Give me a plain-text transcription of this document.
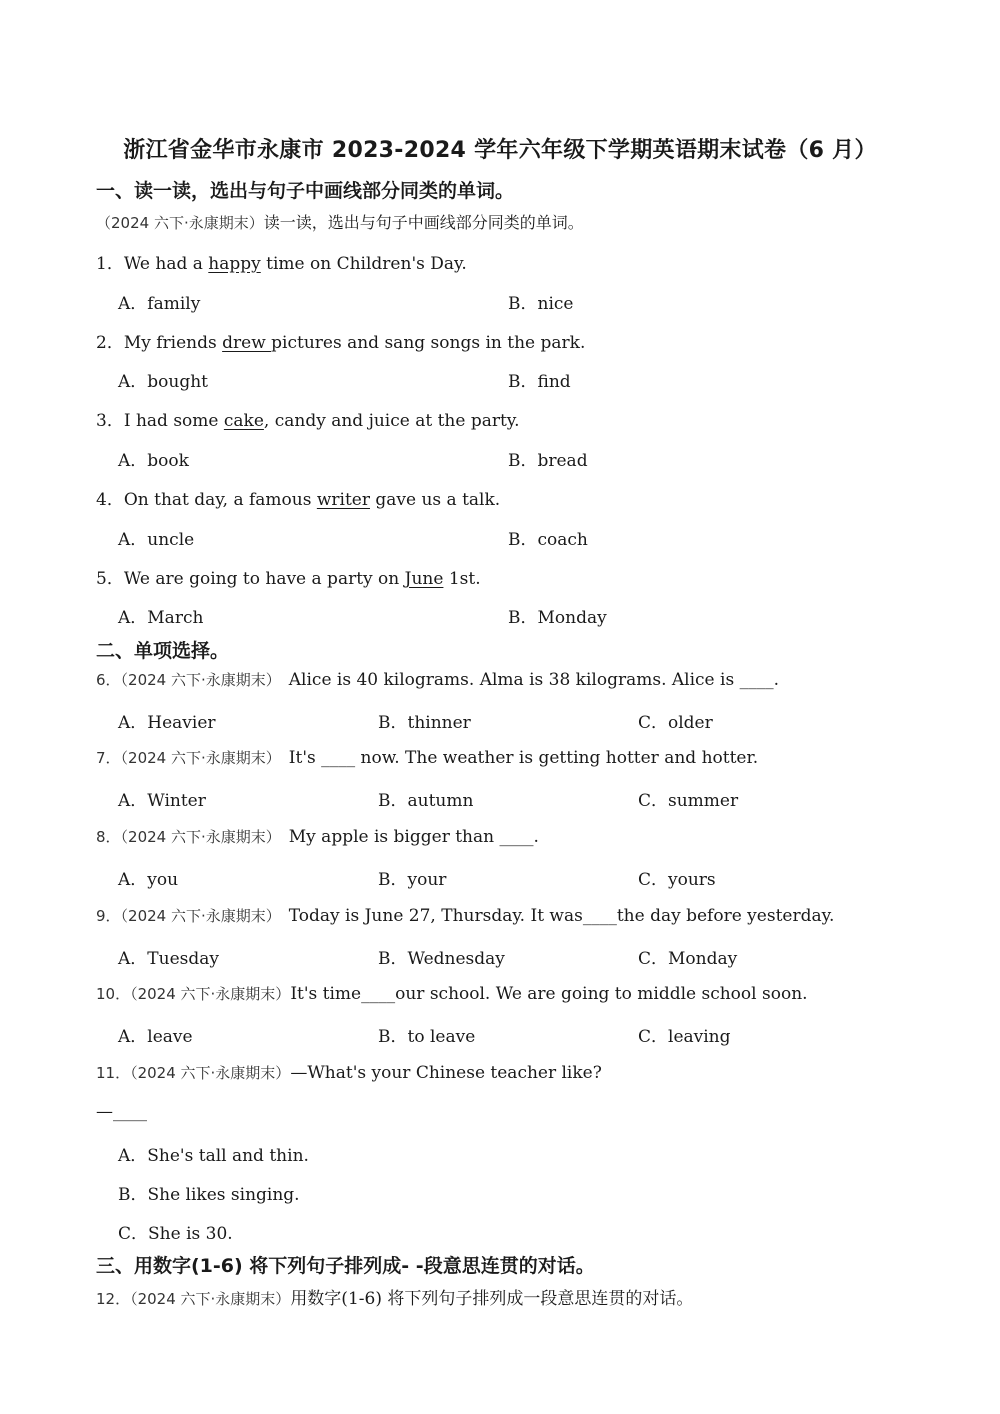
浙江省金华市永康市 2023-2024 学年六年级下学期英语期末试卷（6 月）
一、读一读，选出与句子中画线部分同类的单词。
（2024 六下·永康期末）读一读，选出与句子中画线部分同类的单词。
1．We had a happy time on Children's Day.
A．family	B．nice
2．My friends drew pictures and sang songs in the park.
A．bought	B．find
3．I had some cake, candy and juice at the party.
A．book	B．bread
4．On that day, a famous writer gave us a talk.
A．uncle	B．coach
5．We are going to have a party on June 1st.
A．March	B．Monday
二、单项选择。
6．（2024 六下·永康期末） Alice is 40 kilograms. Alma is 38 kilograms. Alice is ____.
A．Heavier	B．thinner	C．older
7．（2024 六下·永康期末） It's ____ now. The weather is getting hotter and hotter.
A．Winter	B．autumn	C．summer
8．（2024 六下·永康期末） My apple is bigger than ____.
A．you	B．your	C．yours
9．（2024 六下·永康期末） Today is June 27, Thursday. It was____the day before yesterday.
A．Tuesday	B．Wednesday	C．Monday
10．（2024 六下·永康期末）It's time____our school. We are going to middle school soon.
A．leave	B．to leave	C．leaving
11．（2024 六下·永康期末）—What's your Chinese teacher like?
—____
A．She's tall and thin.
B．She likes singing.
C．She is 30.
三、用数字(1-6) 将下列句子排列成- -段意思连贯的对话。
12．（2024 六下·永康期末）用数字(1-6) 将下列句子排列成一段意思连贯的对话。
